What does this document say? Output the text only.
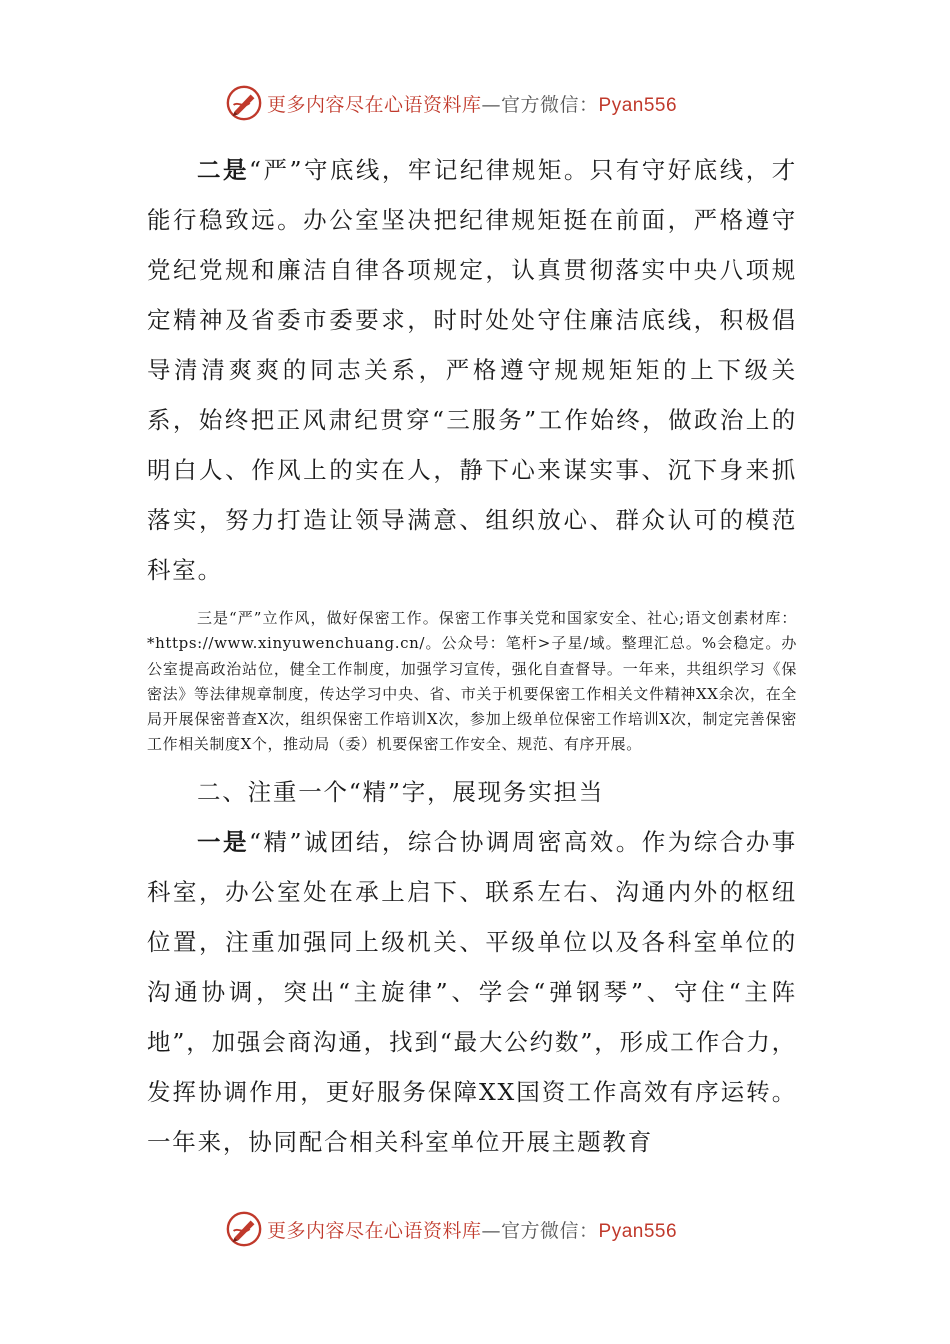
更多内容尽在心语资料库—官方微信：Pyan556

二是“严”守底线，牢记纪律规矩。只有守好底线，才能行稳致远。办公室坚决把纪律规矩挺在前面，严格遵守党纪党规和廉洁自律各项规定，认真贯彻落实中央八项规定精神及省委市委要求，时时处处守住廉洁底线，积极倡导清清爽爽的同志关系，严格遵守规规矩矩的上下级关系，始终把正风肃纪贯穿“三服务”工作始终，做政治上的明白人、作风上的实在人，静下心来谋实事、沉下身来抓落实，努力打造让领导满意、组织放心、群众认可的模范科室。

三是“严”立作风，做好保密工作。保密工作事关党和国家安全、社心;语文创素材库：*https://www.xinyuwenchuang.cn/。公众号：笔杆>子星/域。整理汇总。%会稳定。办公室提高政治站位，健全工作制度，加强学习宣传，强化自查督导。一年来，共组织学习《保密法》等法律规章制度，传达学习中央、省、市关于机要保密工作相关文件精神XX余次，在全局开展保密普查X次，组织保密工作培训X次，参加上级单位保密工作培训X次，制定完善保密工作相关制度X个，推动局（委）机要保密工作安全、规范、有序开展。

二、注重一个“精”字，展现务实担当

一是“精”诚团结，综合协调周密高效。作为综合办事科室，办公室处在承上启下、联系左右、沟通内外的枢纽位置，注重加强同上级机关、平级单位以及各科室单位的沟通协调，突出“主旋律”、学会“弹钢琴”、守住“主阵地”，加强会商沟通，找到“最大公约数”，形成工作合力，发挥协调作用，更好服务保障XX国资工作高效有序运转。一年来，协同配合相关科室单位开展主题教育

更多内容尽在心语资料库—官方微信：Pyan556
